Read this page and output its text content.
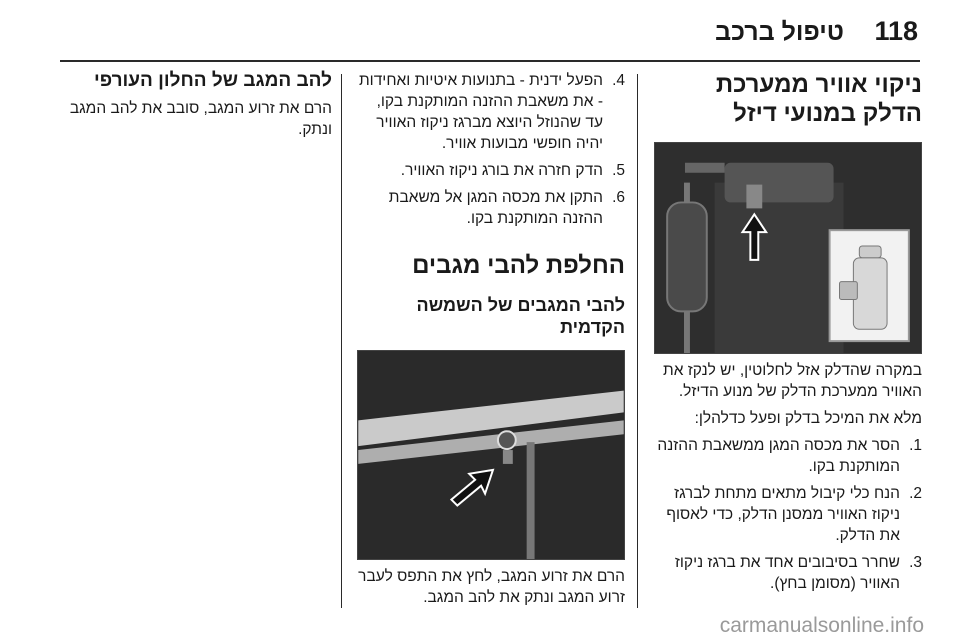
118
טיפול ברכב
ניקוי אוויר ממערכת הדלק במנועי דיזל

במקרה שהדלק אזל לחלוטין, יש לנקז את האוויר ממערכת הדלק של מנוע הדיזל.

מלא את המיכל בדלק ופעל כדלהלן:

1.
הסר את מכסה המגן ממשאבת ההזנה המותקנת בקו.
2.
הנח כלי קיבול מתאים מתחת לברגז ניקוז האוויר ממסנן הדלק, כדי לאסוף את הדלק.
3.
שחרר בסיבובים אחד את ברגז ניקוז האוויר (מסומן בחץ).
4.
הפעל ידנית - בתנועות איטיות ואחידות - את משאבת ההזנה המותקנת בקו, עד שהנוזל היוצא מברגז ניקוז האוויר יהיה חופשי מבועות אוויר.
5.
הדק חזרה את בורג ניקוז האוויר.
6.
התקן את מכסה המגן אל משאבת ההזנה המותקנת בקו.
החלפת להבי מגבים
להבי המגבים של השמשה הקדמית

הרם את זרוע המגב, לחץ את התפס לעבר זרוע המגב ונתק את להב המגב.

להב המגב של החלון העורפי

הרם את זרוע המגב, סובב את להב המגב ונתק.

carmanualsonline.info
